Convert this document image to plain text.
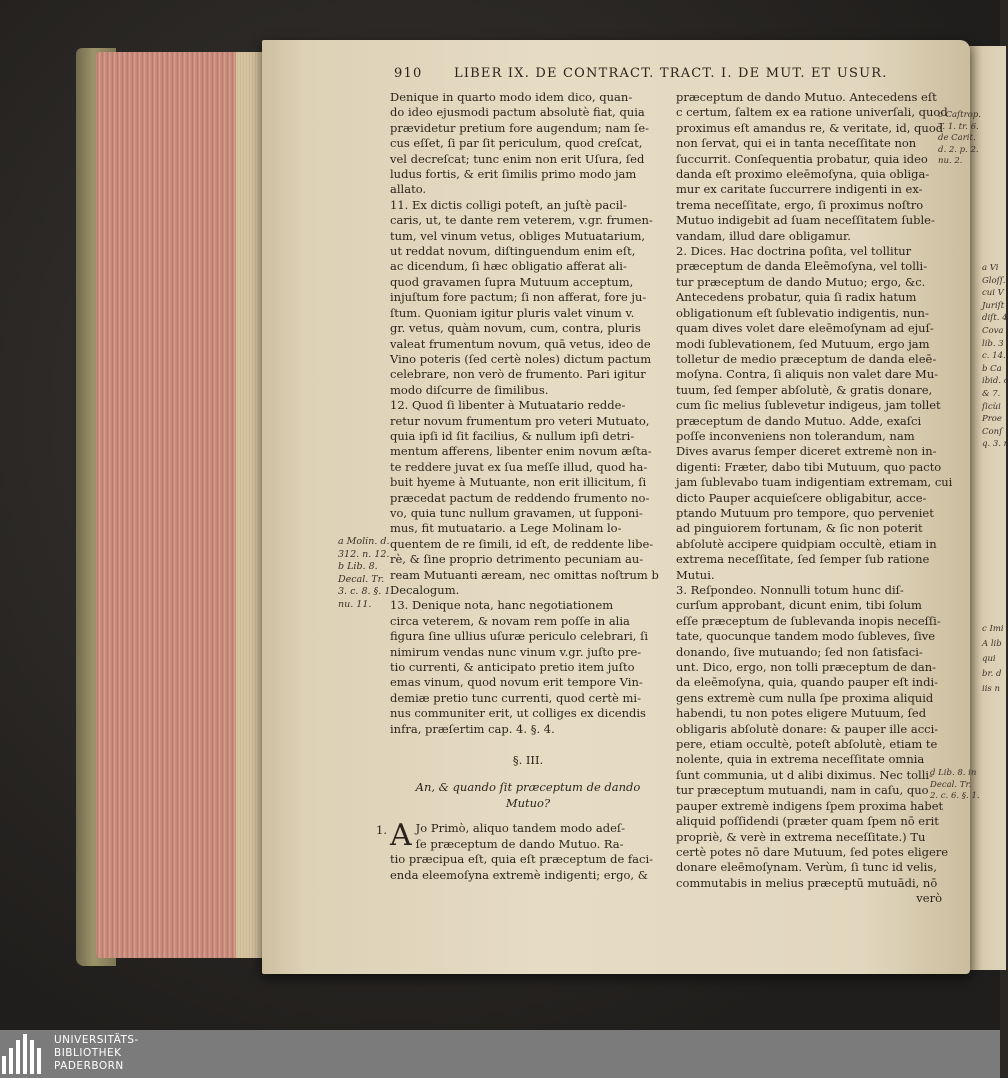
910 LIBER IX. DE CONTRACT. TRACT. I. DE MUT. ET USUR.

Denique in quarto modo idem dico, quan-

do ideo ejusmodi pactum absolutè fiat, quia

prævidetur pretium fore augendum; nam ſe-

cus eſſet, ſi par ſit periculum, quod creſcat,

vel decreſcat; tunc enim non erit Uſura, ſed

ludus fortis, & erit ſimilis primo modo jam

allato.

11. Ex dictis colligi poteſt, an juſtè pacil-

caris, ut, te dante rem veterem, v.gr. frumen-

tum, vel vinum vetus, obliges Mutuatarium,

ut reddat novum, diſtinguendum enim eſt,

ac dicendum, ſi hæc obligatio afferat ali-

quod gravamen ſupra Mutuum acceptum,

injuſtum fore pactum; ſi non afferat, fore ju-

ſtum. Quoniam igitur pluris valet vinum v.

gr. vetus, quàm novum, cum, contra, pluris

valeat frumentum novum, quā vetus, ideo de

Vino poteris (ſed certè noles) dictum pactum

celebrare, non verò de frumento. Pari igitur

modo diſcurre de ſimilibus.

12. Quod ſi libenter à Mutuatario redde-

retur novum frumentum pro veteri Mutuato,

quia ipſi id ſit facilius, & nullum ipſi detri-

mentum afferens, libenter enim novum æſta-

te reddere juvat ex ſua meſſe illud, quod ha-

buit hyeme à Mutuante, non erit illicitum, ſi

præcedat pactum de reddendo frumento no-

vo, quia tunc nullum gravamen, ut ſupponi-

mus, fit mutuatario. a Lege Molinam lo-

quentem de re ſimili, id eſt, de reddente libe-

rè, & ſine proprio detrimento pecuniam au-

ream Mutuanti æream, nec omittas noſtrum b

Decalogum.

13. Denique nota, hanc negotiationem

circa veterem, & novam rem poſſe in alia

figura ſine ullius uſuræ periculo celebrari, ſi

nimirum vendas nunc vinum v.gr. juſto pre-

tio currenti, & anticipato pretio item juſto

emas vinum, quod novum erit tempore Vin-

demiæ pretio tunc currenti, quod certè mi-

nus communiter erit, ut colliges ex dicendis

infra, præſertim cap. 4. §. 4.

§. III.

An, & quando ſit præceptum de dando

Mutuo?

1. A Jo Primò, aliquo tandem modo adeſ-

ſe præceptum de dando Mutuo. Ra-

tio præcipua eſt, quia eſt præceptum de faci-

enda eleemoſyna extremè indigenti; ergo, &

præceptum de dando Mutuo. Antecedens eſt

c certum, ſaltem ex ea ratione univerſali, quod

proximus eſt amandus re, & veritate, id, quod

non ſervat, qui ei in tanta neceſſitate non

ſuccurrit. Conſequentia probatur, quia ideo

danda eſt proximo eleēmoſyna, quia obliga-

mur ex caritate ſuccurrere indigenti in ex-

trema neceſſitate, ergo, ſi proximus noſtro

Mutuo indigebit ad ſuam neceſſitatem ſuble-

vandam, illud dare obligamur.

2. Dices. Hac doctrina poſita, vel tollitur

præceptum de danda Eleēmoſyna, vel tolli-

tur præceptum de dando Mutuo; ergo, &c.

Antecedens probatur, quia ſi radix hatum

obligationum eſt ſublevatio indigentis, nun-

quam dives volet dare eleēmoſynam ad ejuſ-

modi ſublevationem, ſed Mutuum, ergo jam

tolletur de medio præceptum de danda eleē-

moſyna. Contra, ſi aliquis non valet dare Mu-

tuum, ſed ſemper abſolutè, & gratis donare,

cum ſic melius ſublevetur indigeus, jam tollet

præceptum de dando Mutuo. Adde, exaſci

poſſe inconveniens non tolerandum, nam

Dives avarus ſemper diceret extremè non in-

digenti: Fræter, dabo tibi Mutuum, quo pacto

jam ſublevabo tuam indigentiam extremam, cui

dicto Pauper acquieſcere obligabitur, acce-

ptando Mutuum pro tempore, quo perveniet

ad pinguiorem fortunam, & ſic non poterit

abſolutè accipere quidpiam occultè, etiam in

extrema neceſſitate, ſed ſemper ſub ratione

Mutui.

3. Reſpondeo. Nonnulli totum hunc diſ-

curſum approbant, dicunt enim, tibi ſolum

eſſe præceptum de ſublevanda inopis neceſſi-

tate, quocunque tandem modo ſubleves, ſive

donando, ſive mutuando; ſed non ſatisfaci-

unt. Dico, ergo, non tolli præceptum de dan-

da eleēmoſyna, quia, quando pauper eſt indi-

gens extremè cum nulla ſpe proxima aliquid

habendi, tu non potes eligere Mutuum, ſed

obligaris abſolutè donare: & pauper ille acci-

pere, etiam occultè, poteſt abſolutè, etiam te

nolente, quia in extrema neceſſitate omnia

ſunt communia, ut d alibi diximus. Nec tolli-

tur præceptum mutuandi, nam in caſu, quo

pauper extremè indigens ſpem proxima habet

aliquid poſſidendi (præter quam ſpem nō erit

propriè, & verè in extrema neceſſitate.) Tu

certè potes nō dare Mutuum, ſed potes eligere

donare eleēmoſynam. Verùm, ſi tunc id velis,

commutabis in melius præceptū mutuādi, nō

verò

a Molin. d.

312. n. 12.

b Lib. 8.

Decal. Tr.

3. c. 8. §. 1.

nu. 11.

c Caſtrop.

T. 1. tr. 6.

de Carit.

d. 2. p. 2.

nu. 2.

d Lib. 8. in

Decal. Tr.

2. c. 6. §. 1.

a Vi

Gloſſ.

cui V

Juriſt

diſt. 4

Cova

lib. 3

c. 14.

b Ca

ibid. c

& 7.

ſicùi

Proe

Conſ

q. 3. r

c Imi

A lib

qui

br. d

iis n

UNIVERSITÄTS-

BIBLIOTHEK

PADERBORN
